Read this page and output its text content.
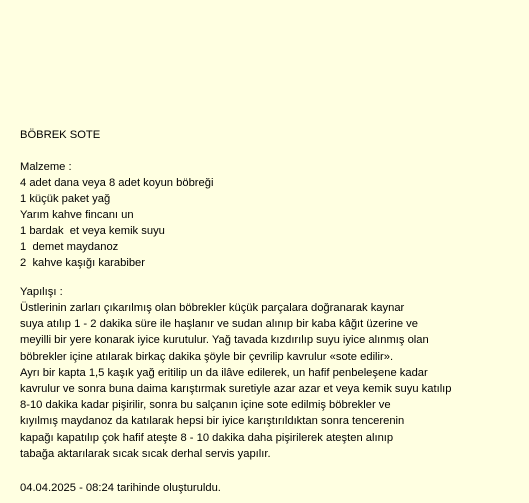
BÖBREK SOTE
Malzeme :
4 adet dana veya 8 adet koyun böbreği
1 küçük paket yağ
Yarım kahve fincanı un
1 bardak  et veya kemik suyu
1  demet maydanoz
2  kahve kaşığı karabiber
Yapılışı :
Üstlerinin zarları çıkarılmış olan böbrekler küçük parçalara doğranarak kaynar
suya atılıp 1 - 2 dakika süre ile haşlanır ve sudan alınıp bir kaba kâğıt üzerine ve
meyilli bir yere konarak iyice kurutulur. Yağ tavada kızdırılıp suyu iyice alınmış olan
böbrekler içine atılarak birkaç dakika şöyle bir çevrilip kavrulur «sote edilir».
Ayrı bir kapta 1,5 kaşık yağ eritilip un da ilâve edilerek, un hafif penbeleşene kadar
kavrulur ve sonra buna daima karıştırmak suretiyle azar azar et veya kemik suyu katılıp
8-10 dakika kadar pişirilir, sonra bu salçanın içine sote edilmiş böbrekler ve
kıyılmış maydanoz da katılarak hepsi bir iyice karıştırıldıktan sonra tencerenin
kapağı kapatılıp çok hafif ateşte 8 - 10 dakika daha pişirilerek ateşten alınıp
tabağa aktarılarak sıcak sıcak derhal servis yapılır.
04.04.2025 - 08:24 tarihinde oluşturuldu.
